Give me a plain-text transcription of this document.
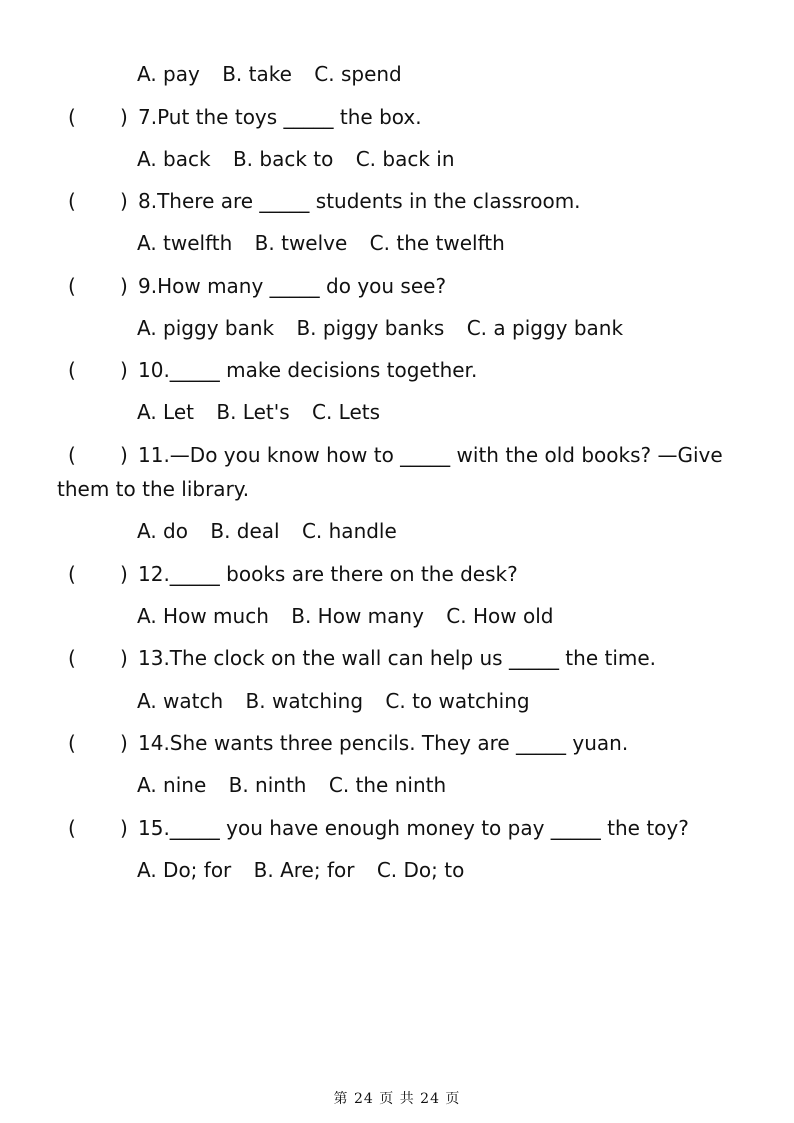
A. pay B. take C. spend
( ) 7.Put the toys _____ the box.
A. back B. back to C. back in
( ) 8.There are _____ students in the classroom.
A. twelfth B. twelve C. the twelfth
( ) 9.How many _____ do you see?
A. piggy bank B. piggy banks C. a piggy bank
( ) 10._____ make decisions together.
A. Let B. Let's C. Lets
( ) 11.—Do you know how to _____ with the old books? —Give
them to the library.
A. do B. deal C. handle
( ) 12._____ books are there on the desk?
A. How much B. How many C. How old
( ) 13.The clock on the wall can help us _____ the time.
A. watch B. watching C. to watching
( ) 14.She wants three pencils. They are _____ yuan.
A. nine B. ninth C. the ninth
( ) 15._____ you have enough money to pay _____ the toy?
A. Do; for B. Are; for C. Do; to
第 24 页 共 24 页
